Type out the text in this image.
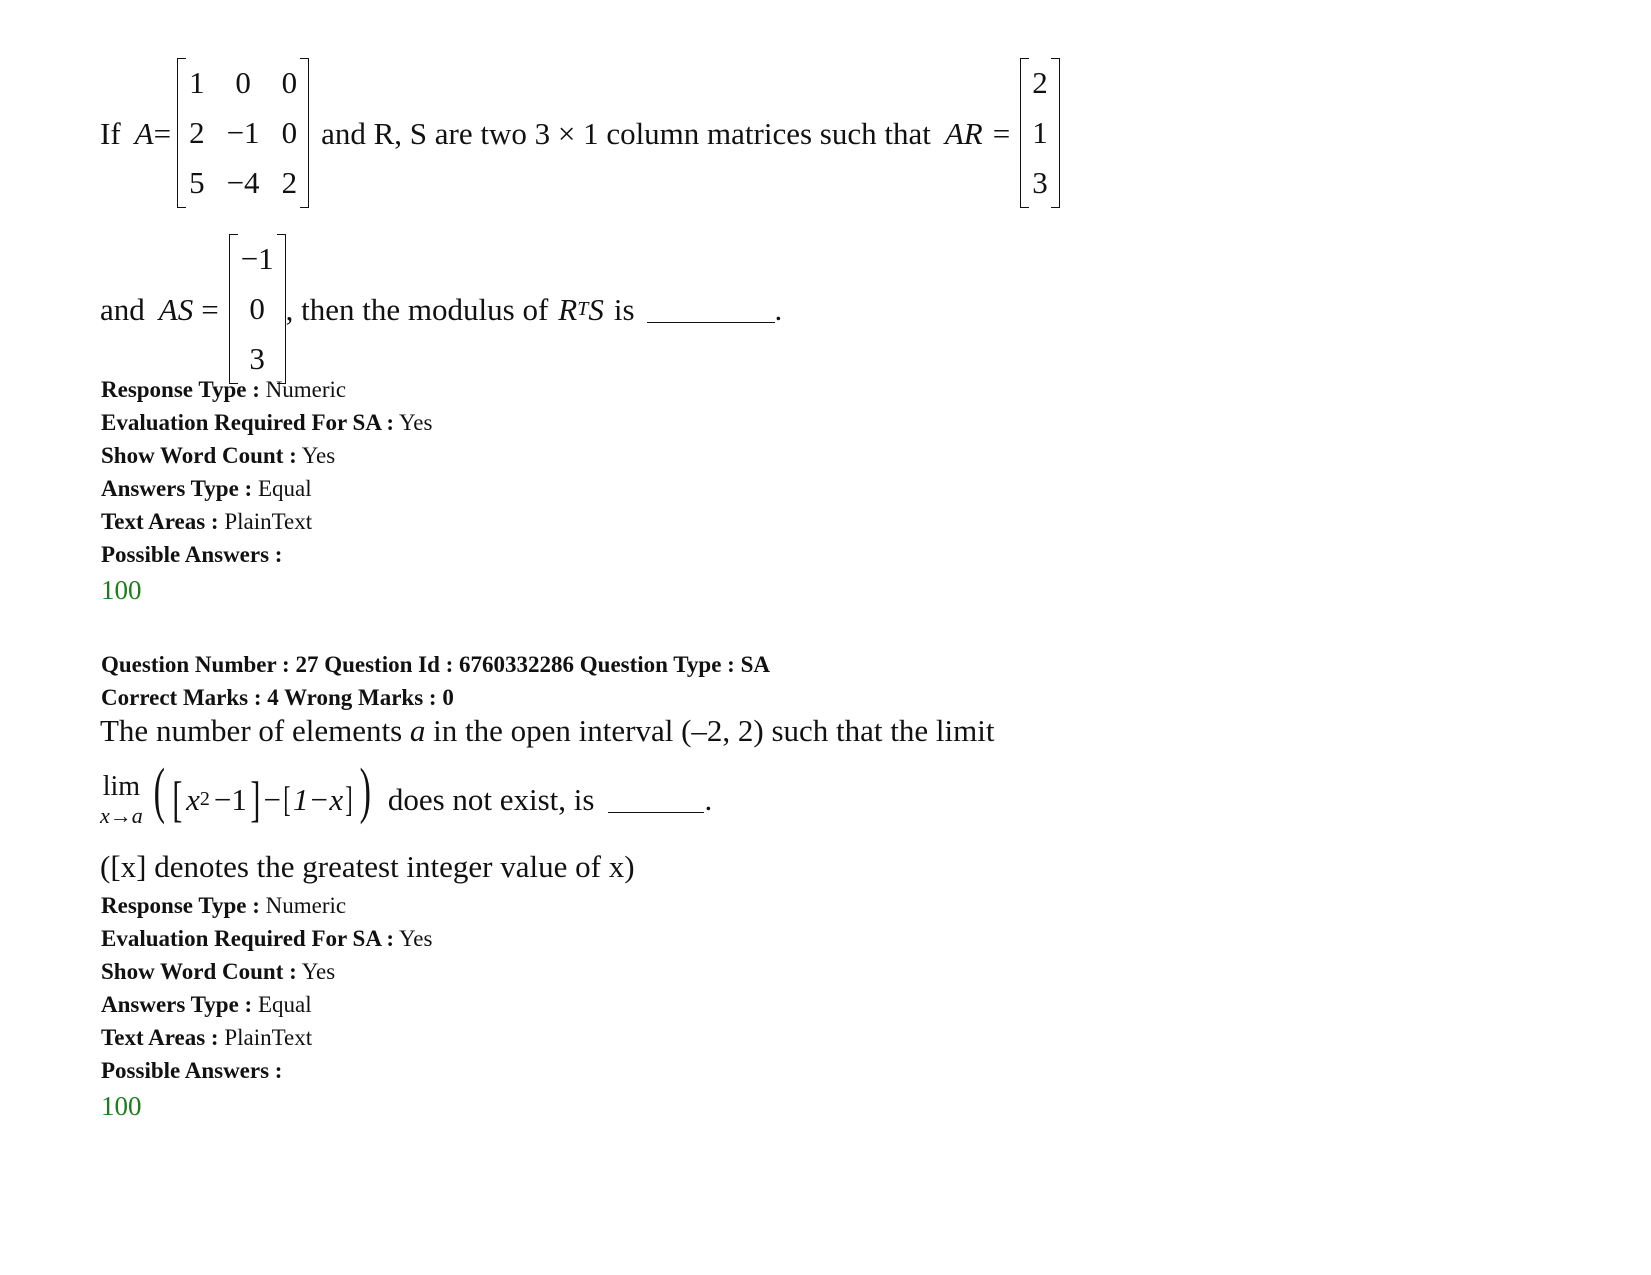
If A =
1 0 0
2 −1 0
5 −4 2
and R, S are two 3 × 1 column matrices such that AR =
2
1
3
and AS =
−1
0
3
, then the modulus of R T S is	.
Response Type : Numeric
Evaluation Required For SA : Yes
Show Word Count : Yes
Answers Type : Equal
Text Areas : PlainText
Possible Answers :
100
Question Number : 27 Question Id : 6760332286 Question Type : SA
Correct Marks : 4 Wrong Marks : 0
The number of elements a in the open interval (–2, 2) such that the limit
lim
x→a ( [ x 2 −1 ] − [ 1−x ] ) does not exist, is	.
([x] denotes the greatest integer value of x)
Response Type : Numeric
Evaluation Required For SA : Yes
Show Word Count : Yes
Answers Type : Equal
Text Areas : PlainText
Possible Answers :
100
